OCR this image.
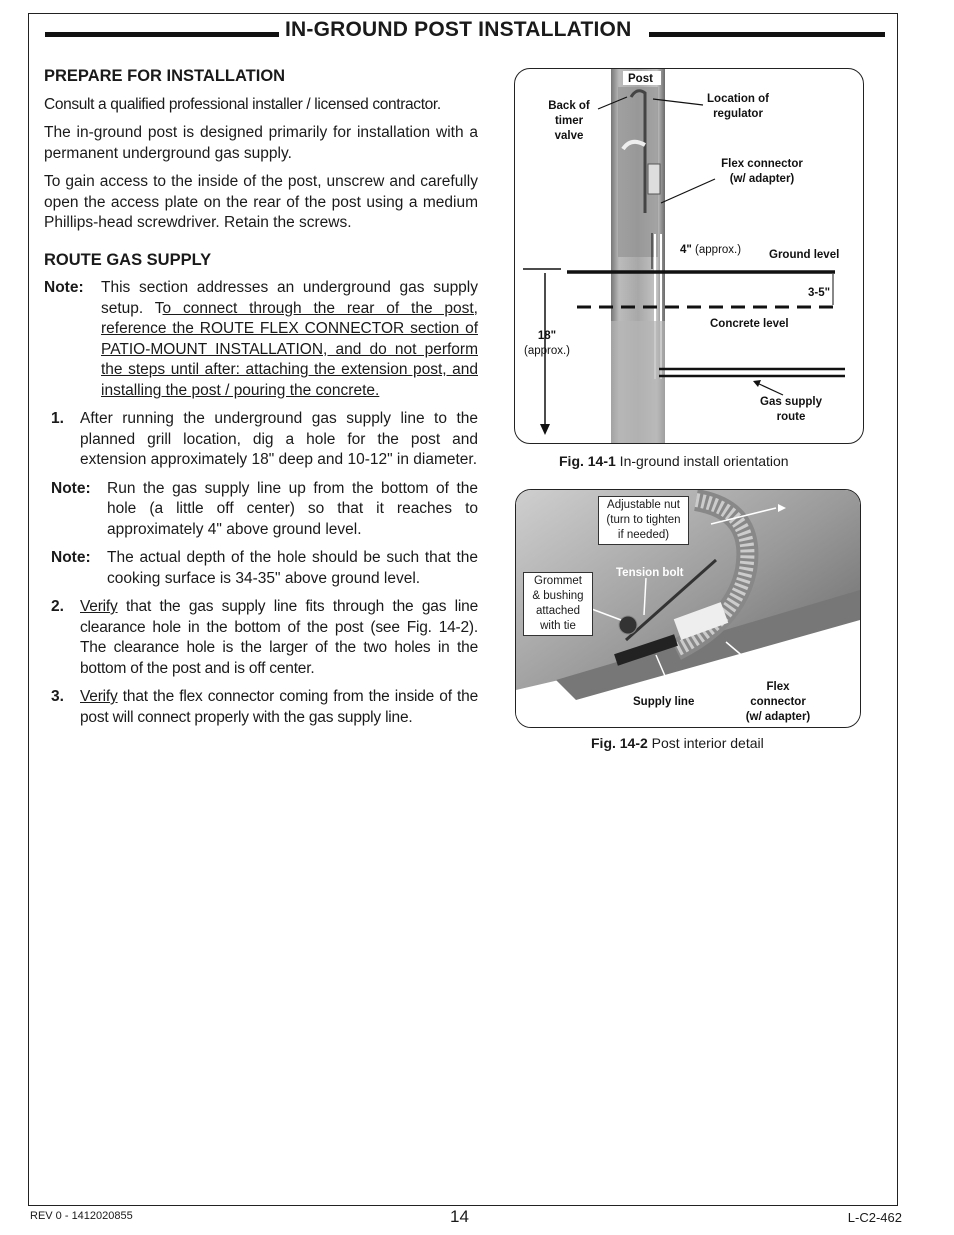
IN-GROUND POST INSTALLATION
PREPARE FOR INSTALLATION

Consult a qualified professional installer / licensed contractor.

The in-ground post is designed primarily for installation with a permanent underground gas supply.

To gain access to the inside of the post, unscrew and carefully open the access plate on the rear of the post using a medium Phillips-head screwdriver. Retain the screws.

ROUTE GAS SUPPLY
Note:	This section addresses an underground gas supply setup. To connect through the rear of the post, reference the ROUTE FLEX CONNECTOR section of PATIO-MOUNT INSTALLATION, and do not perform the steps until after: attaching the extension post, and installing the post / pouring the concrete.
1.	After running the underground gas supply line to the planned grill location, dig a hole for the post and extension approximately 18" deep and 10-12" in diameter.
Note:	Run the gas supply line up from the bottom of the hole (a little off center) so that it reaches to approximately 4" above ground level.
Note:	The actual depth of the hole should be such that the cooking surface is 34-35" above ground level.
2.	Verify that the gas supply line fits through the gas line clearance hole in the bottom of the post (see Fig. 14-2). The clearance hole is the larger of the two holes in the bottom of the post and is off center.
3.	Verify that the flex connector coming from the inside of the post will connect properly with the gas supply line.
Post
Back of
timer
valve
Location of
regulator
Flex connector
(w/ adapter)
4" (approx.) Ground level
3-5"
Concrete level
18"
(approx.)
Gas supply
route
Fig. 14-1 In-ground install orientation
Tension bolt
Supply line
Flex
connector
(w/ adapter)
Adjustable nut
(turn to tighten
if needed)
Grommet
& bushing
attached
with tie
Fig. 14-2 Post interior detail
REV 0 - 1412020855	14	L-C2-462
